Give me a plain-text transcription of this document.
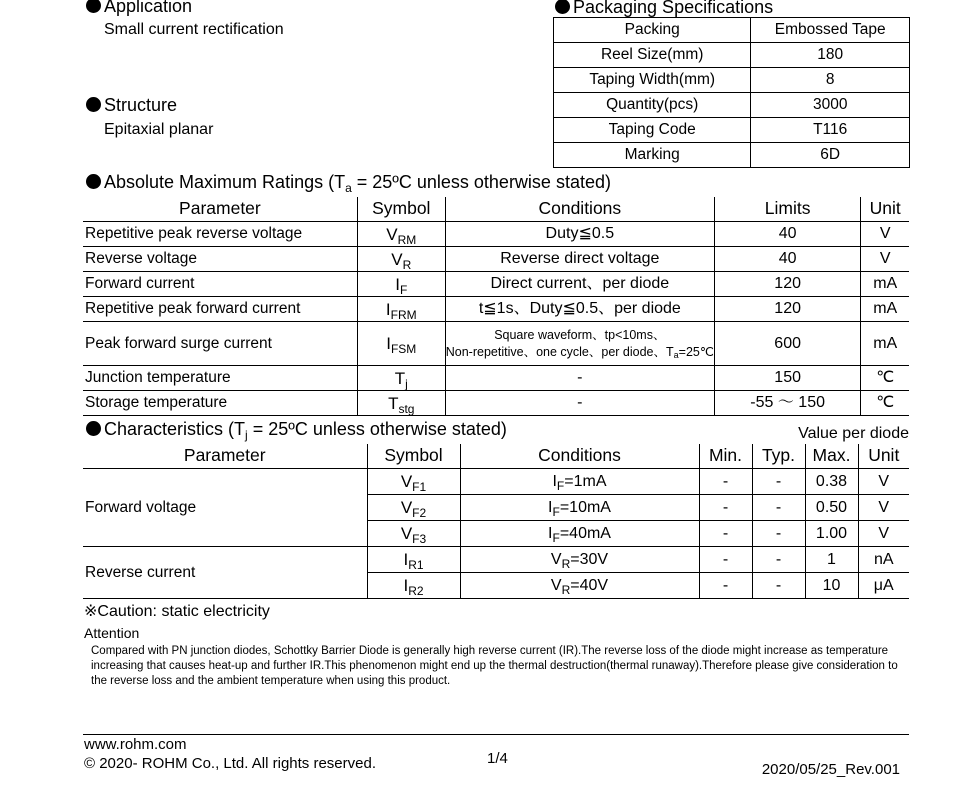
Application
Small current rectification
Structure
Epitaxial planar
Packaging Specifications
Packing	Embossed Tape
Reel Size(mm)	180
Taping Width(mm)	8
Quantity(pcs)	3000
Taping Code	T116
Marking	6D
Absolute Maximum Ratings ($T_a$ = 25ºC unless otherwise stated)
Parameter	Symbol	Conditions	Limits	Unit
Repetitive peak reverse voltage	$V_{RM}$	Duty≦0.5	40	V
Reverse voltage	$V_R$	Reverse direct voltage	40	V
Forward current	$I_F$	Direct current、per diode	120	mA
Repetitive peak forward current	$I_{FRM}$	t≦1s、Duty≦0.5、per diode	120	mA
Peak forward surge current	$I_{FSM}$	Square waveform、tp<10ms、
Non-repetitive、one cycle、per diode、$T_a=25℃$	600	mA
Junction temperature	$T_j$	-	150	℃
Storage temperature	$T_{stg}$	-	-55 ～ 150	℃
Characteristics ($T_j$ = 25ºC unless otherwise stated)	Value per diode
Parameter	Symbol	Conditions	Min.	Typ.	Max.	Unit
Forward voltage	$V_{F1}$	$I_F=1mA$	-	-	0.38	V
	$V_{F2}$	$I_F=10mA$	-	-	0.50	V
	$V_{F3}$	$I_F=40mA$	-	-	1.00	V
Reverse current	$I_{R1}$	$V_R=30V$	-	-	1	nA
	$I_{R2}$	$V_R=40V$	-	-	10	μA
※Caution: static electricity
Attention
Compared with PN junction diodes, Schottky Barrier Diode is generally high reverse current (IR).The reverse loss of the diode might increase as temperature
increasing that causes heat-up and further IR.This phenomenon might end up the thermal destruction(thermal runaway).Therefore please give consideration to
the reverse loss and the ambient temperature when using this product.
www.rohm.com
© 2020- ROHM Co., Ltd. All rights reserved.	1/4
2020/05/25_Rev.001
